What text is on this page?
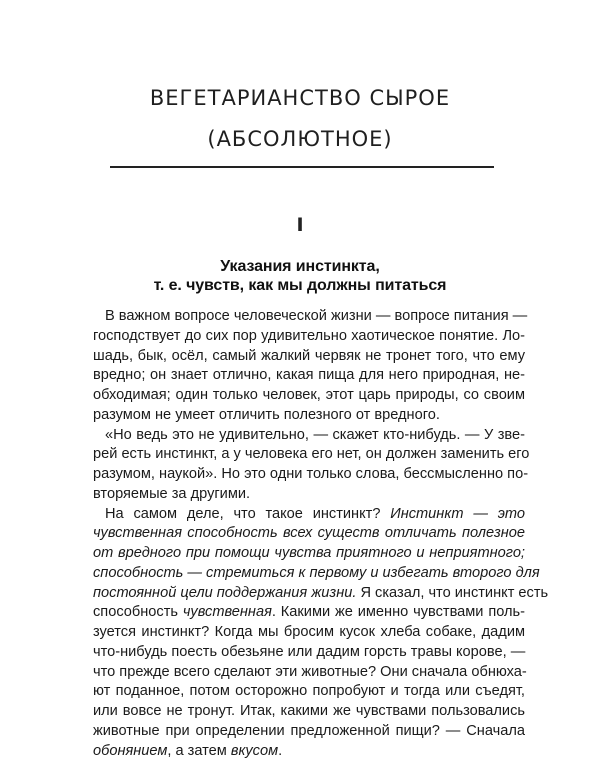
ВЕГЕТАРИАНСТВО СЫРОЕ
(АБСОЛЮТНОЕ)
I
Указания инстинкта,
т. е. чувств, как мы должны питаться
В важном вопросе человеческой жизни — вопросе питания —
господствует до сих пор удивительно хаотическое понятие. Ло-
шадь, бык, осёл, самый жалкий червяк не тронет того, что ему
вредно; он знает отлично, какая пища для него природная, не-
обходимая; один только человек, этот царь природы, со своим
разумом не умеет отличить полезного от вредного.
«Но ведь это не удивительно, — скажет кто-нибудь. — У зве-
рей есть инстинкт, а у человека его нет, он должен заменить его
разумом, наукой». Но это одни только слова, бессмысленно по-
вторяемые за другими.
На самом деле, что такое инстинкт? Инстинкт — это
чувственная способность всех существ отличать полезное
от вредного при помощи чувства приятного и неприятного;
способность — стремиться к первому и избегать второго для
постоянной цели поддержания жизни. Я сказал, что инстинкт есть
способность чувственная. Какими же именно чувствами поль-
зуется инстинкт? Когда мы бросим кусок хлеба собаке, дадим
что-нибудь поесть обезьяне или дадим горсть травы корове, —
что прежде всего сделают эти животные? Они сначала обнюха-
ют поданное, потом осторожно попробуют и тогда или съедят,
или вовсе не тронут. Итак, какими же чувствами пользовались
животные при определении предложенной пищи? — Сначала
обонянием, а затем вкусом.
